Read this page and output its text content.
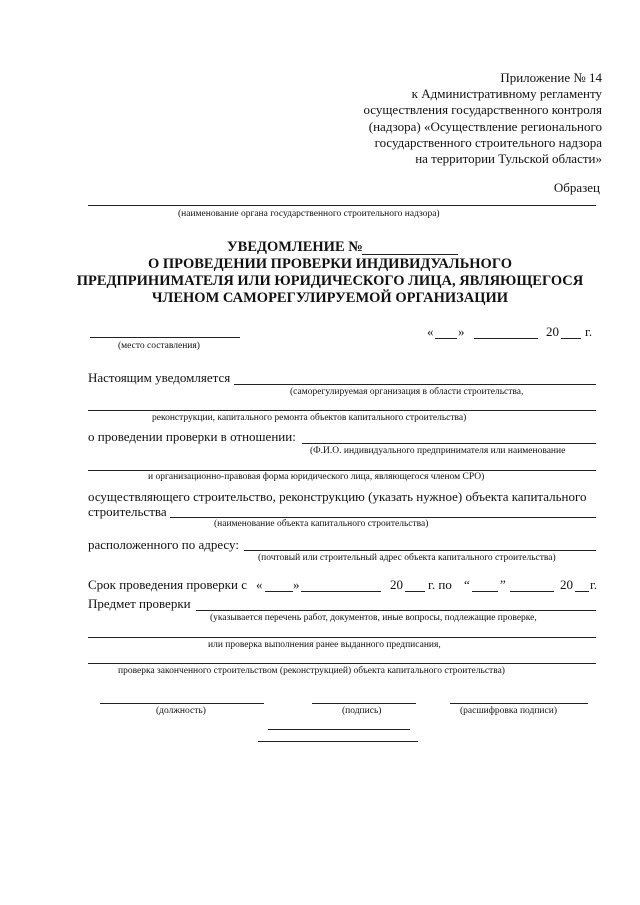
Приложение № 14
к Административному регламенту
осуществления государственного контроля
(надзора) «Осуществление регионального
государственного строительного надзора
на территории Тульской области»
Образец
(наименование органа государственного строительного надзора)
УВЕДОМЛЕНИЕ №
О ПРОВЕДЕНИИ ПРОВЕРКИ ИНДИВИДУАЛЬНОГО
ПРЕДПРИНИМАТЕЛЯ ИЛИ ЮРИДИЧЕСКОГО ЛИЦА, ЯВЛЯЮЩЕГОСЯ
ЧЛЕНОМ САМОРЕГУЛИРУЕМОЙ ОРГАНИЗАЦИИ
(место составления)
« »	20 г.
Настоящим уведомляется
(саморегулируемая организация в области строительства,
реконструкции, капитального ремонта объектов капитального строительства)
о проведении проверки в отношении:
(Ф.И.О. индивидуального предпринимателя или наименование
и организационно-правовая форма юридического лица, являющегося членом СРО)
осуществляющего строительство, реконструкцию (указать нужное) объекта капитального
строительства
(наименование объекта капитального строительства)
расположенного по адресу:
(почтовый или строительный адрес объекта капитального строительства)
Срок проведения проверки с « »	20 г. по “ ”	20 г.
Предмет проверки
(указывается перечень работ, документов, иные вопросы, подлежащие проверке,
или проверка выполнения ранее выданного предписания,
проверка законченного строительством (реконструкцией) объекта капитального строительства)
(должность)	(подпись)	(расшифровка подписи)
